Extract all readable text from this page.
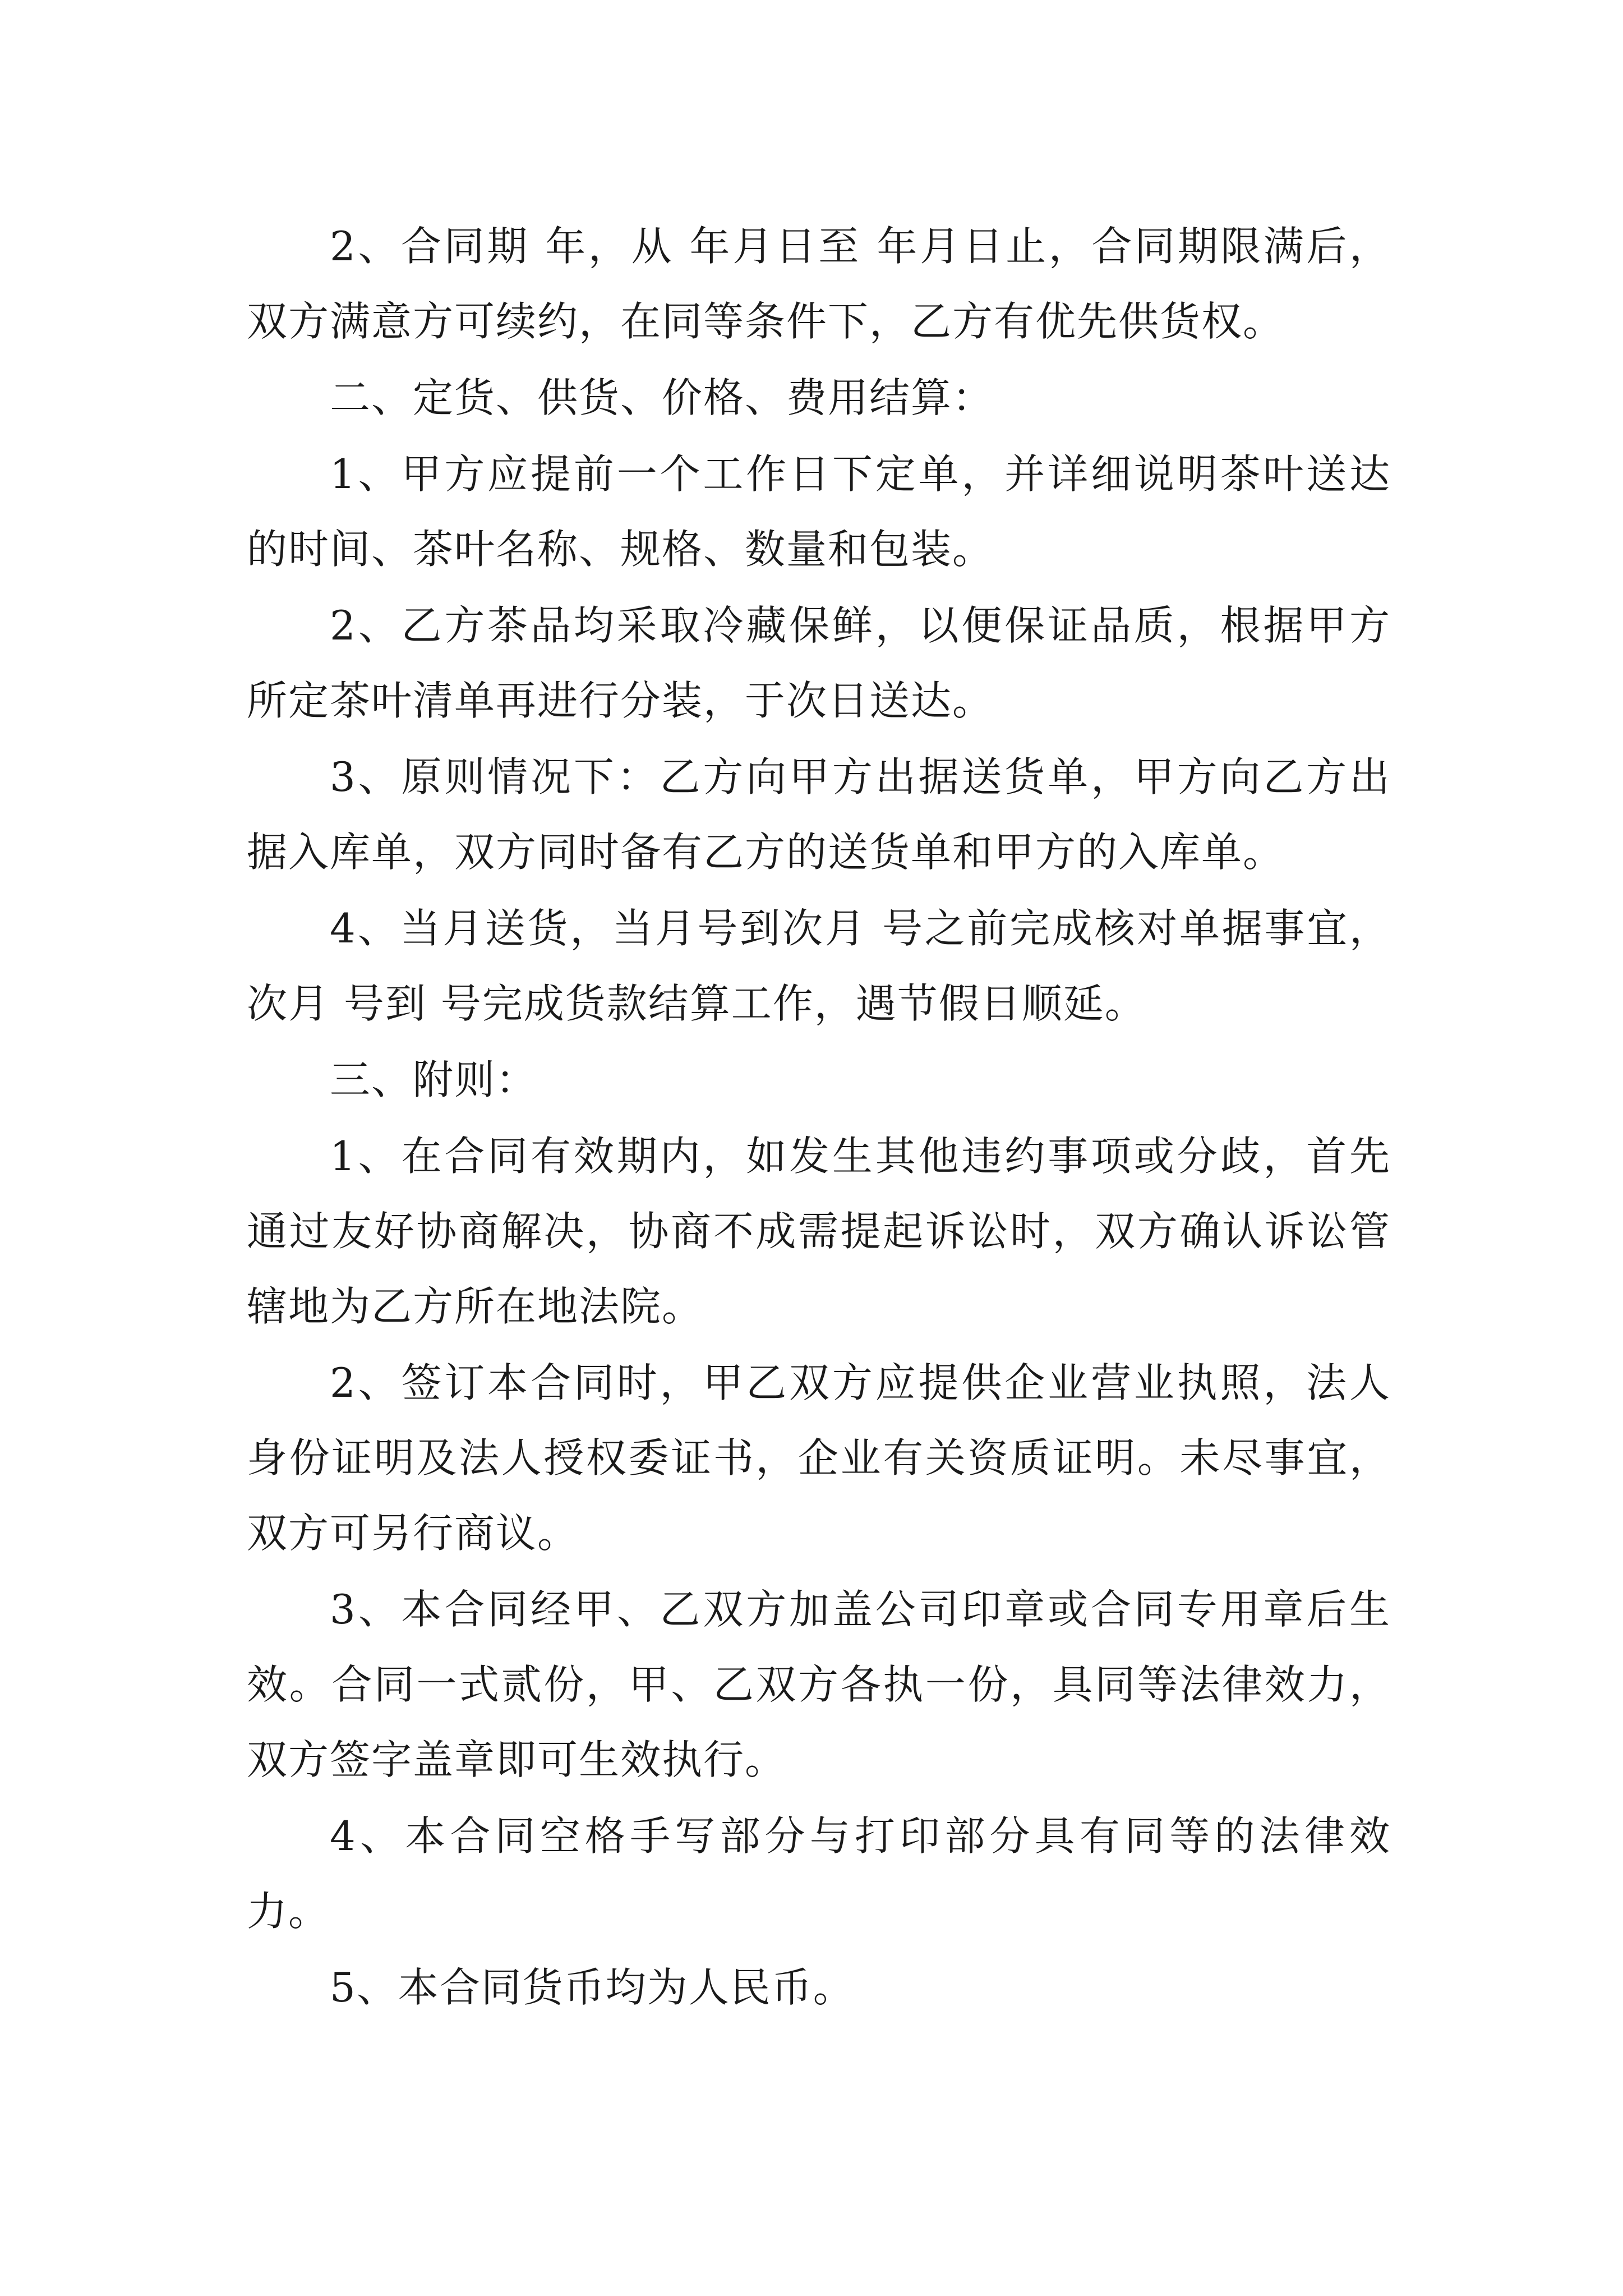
2、合同期 年，从 年月日至 年月日止，合同期限满后，双方满意方可续约，在同等条件下，乙方有优先供货权。

二、定货、供货、价格、费用结算：

1、甲方应提前一个工作日下定单，并详细说明茶叶送达的时间、茶叶名称、规格、数量和包装。

2、乙方茶品均采取冷藏保鲜，以便保证品质，根据甲方所定茶叶清单再进行分装，于次日送达。

3、原则情况下：乙方向甲方出据送货单，甲方向乙方出据入库单，双方同时备有乙方的送货单和甲方的入库单。

4、当月送货，当月号到次月 号之前完成核对单据事宜，次月 号到 号完成货款结算工作，遇节假日顺延。

三、附则：

1、在合同有效期内，如发生其他违约事项或分歧，首先通过友好协商解决，协商不成需提起诉讼时，双方确认诉讼管辖地为乙方所在地法院。

2、签订本合同时，甲乙双方应提供企业营业执照，法人身份证明及法人授权委证书，企业有关资质证明。未尽事宜，双方可另行商议。

3、本合同经甲、乙双方加盖公司印章或合同专用章后生效。合同一式贰份，甲、乙双方各执一份，具同等法律效力，双方签字盖章即可生效执行。

4、本合同空格手写部分与打印部分具有同等的法律效力。

5、本合同货币均为人民币。
